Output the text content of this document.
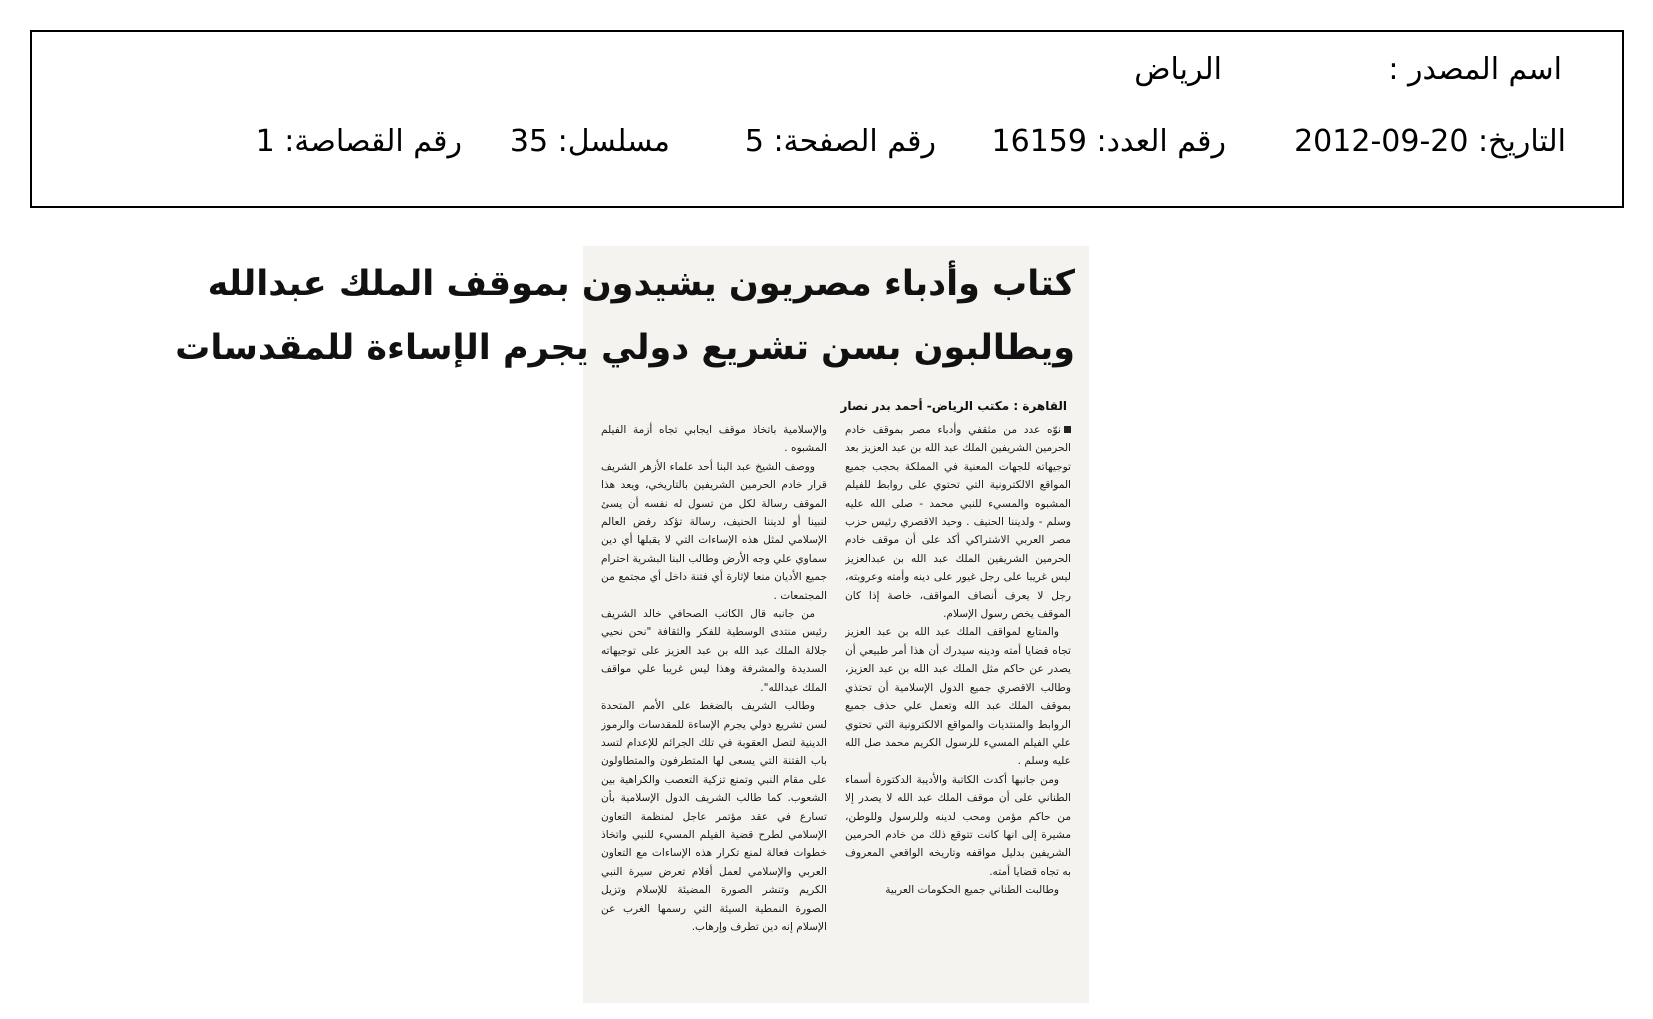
اسم المصدر :
الرياض
التاريخ: 20-09-2012
رقم العدد: 16159
رقم الصفحة: 5
مسلسل: 35
رقم القصاصة: 1
كتاب وأدباء مصريون يشيدون بموقف الملك عبدالله
ويطالبون بسن تشريع دولي يجرم الإساءة للمقدسات
القاهرة : مكتب الرياض- أحمد بدر نصار

نوّه عدد من مثقفي وأدباء مصر بموقف خادم الحرمين الشريفين الملك عبد الله بن عبد العزيز بعد توجيهاته للجهات المعنية في المملكة بحجب جميع المواقع الالكترونية التي تحتوي على روابط للفيلم المشبوه والمسيء للنبي محمد - صلى الله عليه وسلم - ولديننا الحنيف . وحيد الاقصري رئيس حزب مصر العربي الاشتراكي أكد على أن موقف خادم الحرمين الشريفين الملك عبد الله بن عبدالعزيز ليس غريبا على رجل غيور على دينه وأمته وعروبته، رجل لا يعرف أنصاف المواقف، خاصة إذا كان الموقف يخص رسول الإسلام.

والمتابع لمواقف الملك عبد الله بن عبد العزيز تجاه قضايا أمته ودينه سيدرك أن هذا أمر طبيعي أن يصدر عن حاكم مثل الملك عبد الله بن عبد العزيز، وطالب الاقصري جميع الدول الإسلامية أن تحتذي بموقف الملك عبد الله وتعمل علي حذف جميع الروابط والمنتديات والمواقع الالكترونية التي تحتوي علي الفيلم المسيء للرسول الكريم محمد صل الله عليه وسلم .

ومن جانبها أكدت الكاتبة والأديبة الدكتورة أسماء الطناني على أن موقف الملك عبد الله لا يصدر إلا من حاكم مؤمن ومحب لدينه وللرسول وللوطن، مشيرة إلى انها كانت تتوقع ذلك من خادم الحرمين الشريفين بدليل مواقفه وتاريخه الواقعي المعروف به تجاه قضايا أمته.

وطالبت الطناني جميع الحكومات العربية

والإسلامية باتخاذ موقف ايجابي تجاه أزمة الفيلم المشبوه .

ووصف الشيخ عبد البنا أحد علماء الأزهر الشريف قرار خادم الحرمين الشريفين بالتاريخي، ويعد هذا الموقف رسالة لكل من تسول له نفسه أن يسئ لنبينا أو لديننا الحنيف، رسالة تؤكد رفض العالم الإسلامي لمثل هذه الإساءات التي لا يقبلها أي دين سماوي علي وجه الأرض وطالب البنا البشرية احترام جميع الأديان منعا لإثارة أي فتنة داخل أي مجتمع من المجتمعات .

من جانبه قال الكاتب الصحافي خالد الشريف رئيس منتدى الوسطية للفكر والثقافة "نحن نحيي جلالة الملك عبد الله بن عبد العزيز على توجيهاته السديدة والمشرفة وهذا ليس غريبا علي مواقف الملك عبدالله".

وطالب الشريف بالضغط على الأمم المتحدة لسن تشريع دولي يجرم الإساءة للمقدسات والرموز الدينية لتصل العقوبة في تلك الجرائم للإعدام لتسد باب الفتنة التي يسعى لها المتطرفون والمتطاولون على مقام النبي وتمنع تزكية التعصب والكراهية بين الشعوب. كما طالب الشريف الدول الإسلامية بأن تسارع في عقد مؤتمر عاجل لمنظمة التعاون الإسلامي لطرح قضية الفيلم المسيء للنبي واتخاذ خطوات فعالة لمنع تكرار هذه الإساءات مع التعاون العربي والإسلامي لعمل أفلام تعرض سيرة النبي الكريم وتنشر الصورة المضيئة للإسلام وتزيل الصورة النمطية السيئة التي رسمها الغرب عن الإسلام إنه دين تطرف وإرهاب.
